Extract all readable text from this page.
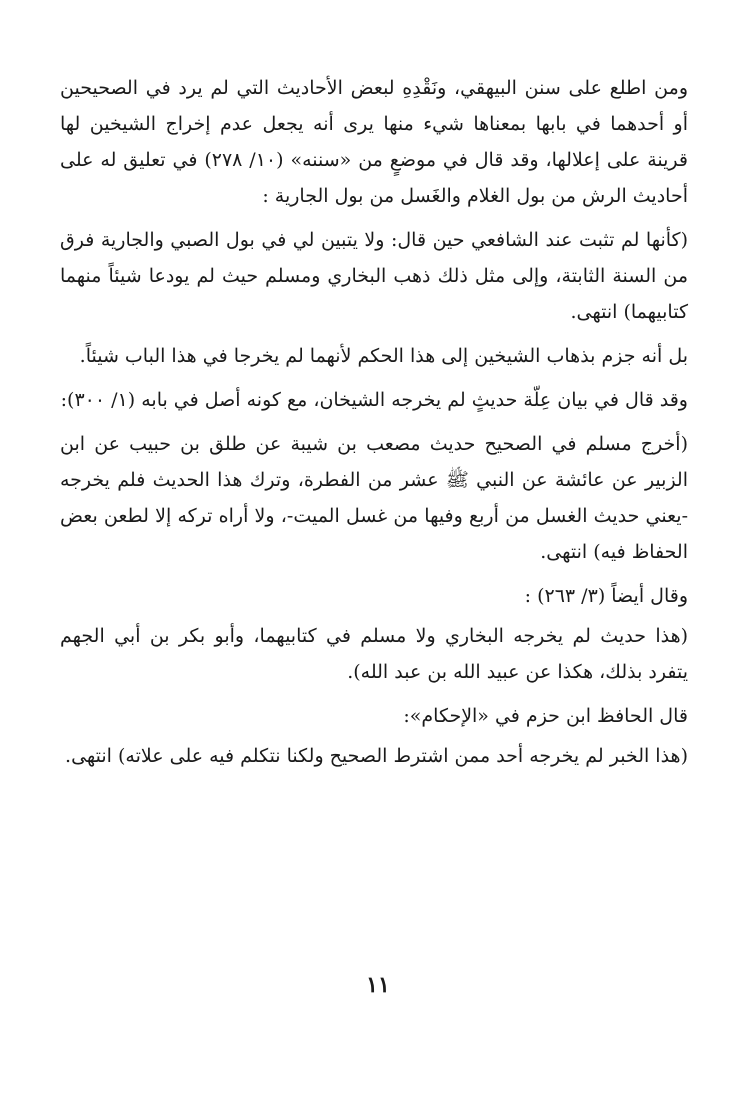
ومن اطلع على سنن البيهقي، ونَقْدِهِ لبعض الأحاديث التي لم يرد في الصحيحين أو أحدهما في بابها بمعناها شيء منها يرى أنه يجعل عدم إخراج الشيخين لها قرينة على إعلالها، وقد قال في موضعٍ من «سننه» (١٠/ ٢٧٨) في تعليق له على أحاديث الرش من بول الغلام والغَسل من بول الجارية :

(كأنها لم تثبت عند الشافعي حين قال: ولا يتبين لي في بول الصبي والجارية فرق من السنة الثابتة، وإلى مثل ذلك ذهب البخاري ومسلم حيث لم يودعا شيئاً منهما كتابيهما) انتهى.

بل أنه جزم بذهاب الشيخين إلى هذا الحكم لأنهما لم يخرجا في هذا الباب شيئاً.

وقد قال في بيان عِلّة حديثٍ لم يخرجه الشيخان، مع كونه أصل في بابه (١/ ٣٠٠):

(أخرج مسلم في الصحيح حديث مصعب بن شيبة عن طلق بن حبيب عن ابن الزبير عن عائشة عن النبي ﷺ عشر من الفطرة، وترك هذا الحديث فلم يخرجه -يعني حديث الغسل من أربع وفيها من غسل الميت-، ولا أراه تركه إلا لطعن بعض الحفاظ فيه) انتهى.

وقال أيضاً (٣/ ٢٦٣) :

(هذا حديث لم يخرجه البخاري ولا مسلم في كتابيهما، وأبو بكر بن أبي الجهم يتفرد بذلك، هكذا عن عبيد الله بن عبد الله).

قال الحافظ ابن حزم في «الإحكام»:

(هذا الخبر لم يخرجه أحد ممن اشترط الصحيح ولكنا نتكلم فيه على علاته) انتهى.

١١
